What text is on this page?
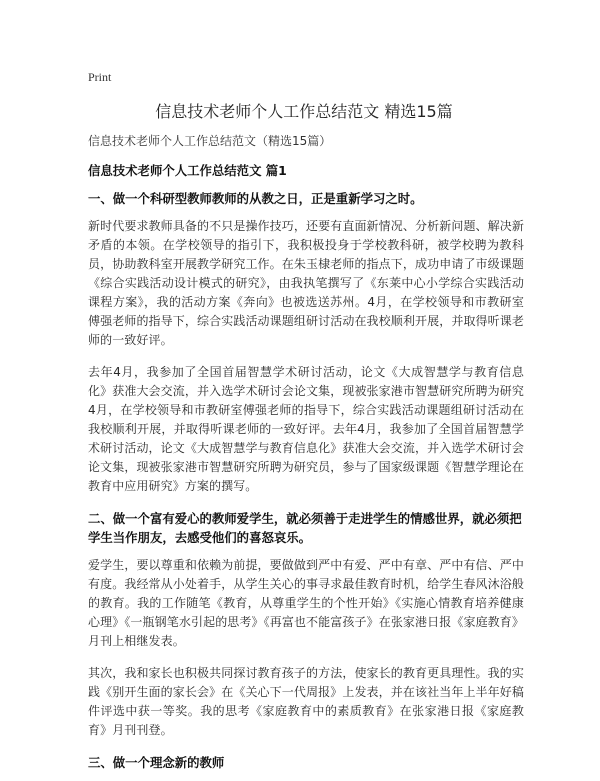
Print
信息技术老师个人工作总结范文 精选15篇

信息技术老师个人工作总结范文（精选15篇）

信息技术老师个人工作总结范文 篇1

一、做一个科研型教师教师的从教之日，正是重新学习之时。

新时代要求教师具备的不只是操作技巧，还要有直面新情况、分析新问题、解决新矛盾的本领。在学校领导的指引下，我积极投身于学校教科研，被学校聘为教科员，协助教科室开展教学研究工作。在朱玉棣老师的指点下，成功申请了市级课题《综合实践活动设计模式的研究》，由我执笔撰写了《东莱中心小学综合实践活动课程方案》，我的活动方案《奔向》也被选送苏州。4月，在学校领导和市教研室傅强老师的指导下，综合实践活动课题组研讨活动在我校顺利开展，并取得听课老师的一致好评。

去年4月，我参加了全国首届智慧学术研讨活动，论文《大成智慧学与教育信息化》获准大会交流，并入选学术研讨会论文集，现被张家港市智慧研究所聘为研究4月，在学校领导和市教研室傅强老师的指导下，综合实践活动课题组研讨活动在我校顺利开展，并取得听课老师的一致好评。去年4月，我参加了全国首届智慧学术研讨活动，论文《大成智慧学与教育信息化》获准大会交流，并入选学术研讨会论文集，现被张家港市智慧研究所聘为研究员，参与了国家级课题《智慧学理论在教育中应用研究》方案的撰写。

二、做一个富有爱心的教师爱学生，就必须善于走进学生的情感世界，就必须把学生当作朋友，去感受他们的喜怒哀乐。

爱学生，要以尊重和依赖为前提，要做做到严中有爱、严中有章、严中有信、严中有度。我经常从小处着手，从学生关心的事寻求最佳教育时机，给学生春风沐浴般的教育。我的工作随笔《教育，从尊重学生的个性开始》《实施心情教育培养健康心理》《一瓶钢笔水引起的思考》《再富也不能富孩子》在张家港日报《家庭教育》月刊上相继发表。

其次，我和家长也积极共同探讨教育孩子的方法，使家长的教育更具理性。我的实践《别开生面的家长会》在《关心下一代周报》上发表，并在该社当年上半年好稿件评选中获一等奖。我的思考《家庭教育中的素质教育》在张家港日报《家庭教育》月刊刊登。

三、做一个理念新的教师
